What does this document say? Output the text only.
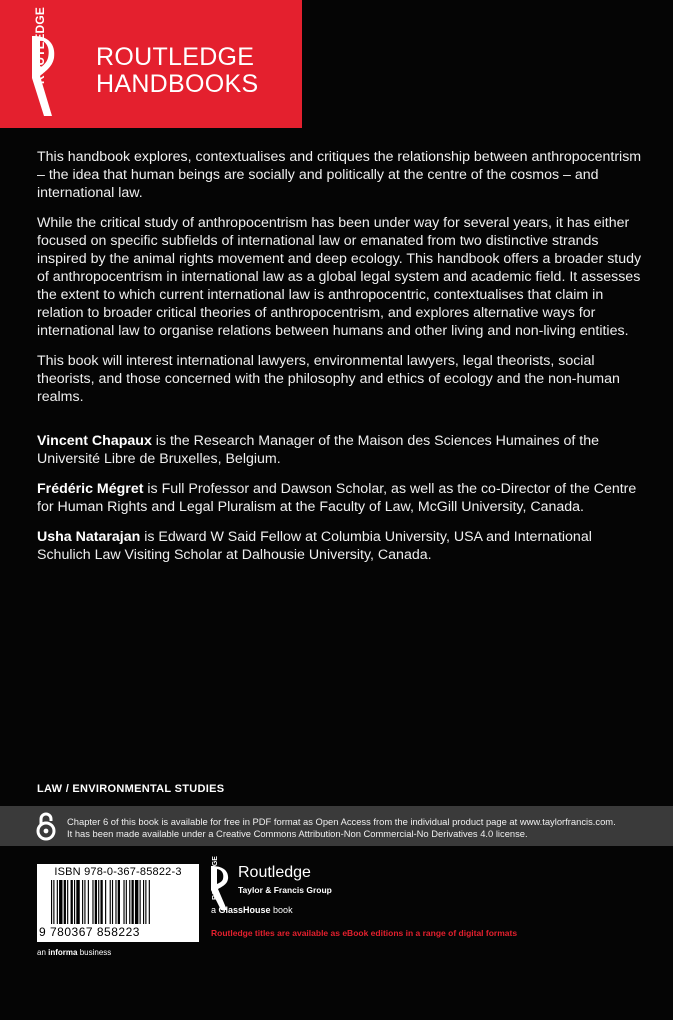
ROUTLEDGE ROUTLEDGE
HANDBOOKS

This handbook explores, contextualises and critiques the relationship between anthropocentrism – the idea that human beings are socially and politically at the centre of the cosmos – and international law.

While the critical study of anthropocentrism has been under way for several years, it has either focused on specific subfields of international law or emanated from two distinctive strands inspired by the animal rights movement and deep ecology. This handbook offers a broader study of anthropocentrism in international law as a global legal system and academic field. It assesses the extent to which current international law is anthropocentric, contextualises that claim in relation to broader critical theories of anthropocentrism, and explores alternative ways for international law to organise relations between humans and other living and non-living entities.

This book will interest international lawyers, environmental lawyers, legal theorists, social theorists, and those concerned with the philosophy and ethics of ecology and the non-human realms.

Vincent Chapaux is the Research Manager of the Maison des Sciences Humaines of the Université Libre de Bruxelles, Belgium.

Frédéric Mégret is Full Professor and Dawson Scholar, as well as the co-Director of the Centre for Human Rights and Legal Pluralism at the Faculty of Law, McGill University, Canada.

Usha Natarajan is Edward W Said Fellow at Columbia University, USA and International Schulich Law Visiting Scholar at Dalhousie University, Canada.

LAW / ENVIRONMENTAL STUDIES
Chapter 6 of this book is available for free in PDF format as Open Access from the individual product page at www.taylorfrancis.com.
It has been made available under a Creative Commons Attribution-Non Commercial-No Derivatives 4.0 license.
ISBN 978-0-367-85822-3
9 780367 858223
an informa business
ROUTLEDGE Routledge
Taylor & Francis Group
a GlassHouse book
Routledge titles are available as eBook editions in a range of digital formats
